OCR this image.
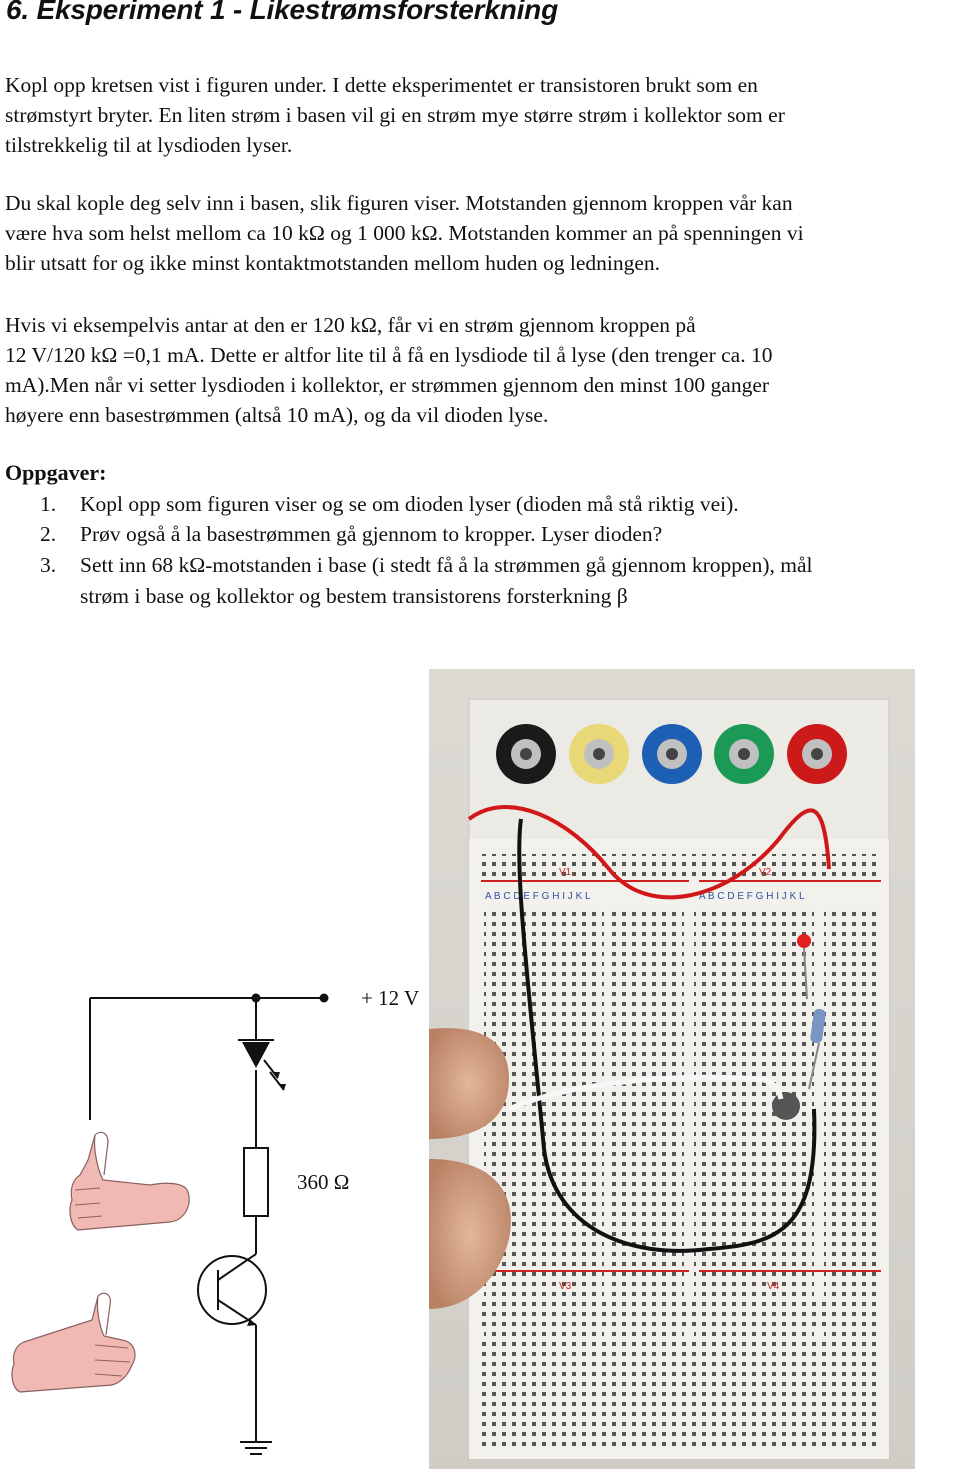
6. Eksperiment 1 - Likestrømsforsterkning
Kopl opp kretsen vist i figuren under. I dette eksperimentet er transistoren brukt som en
strømstyrt bryter. En liten strøm i basen vil gi en strøm mye større strøm i kollektor som er
tilstrekkelig til at lysdioden lyser.
Du skal kople deg selv inn i basen, slik figuren viser. Motstanden gjennom kroppen vår kan
være hva som helst mellom ca 10 kΩ og 1 000 kΩ. Motstanden kommer an på spenningen vi
blir utsatt for og ikke minst kontaktmotstanden mellom huden og ledningen.
Hvis vi eksempelvis antar at den er 120 kΩ, får vi en strøm gjennom kroppen på
12 V/120 kΩ =0,1 mA. Dette er altfor lite til å få en lysdiode til å lyse (den trenger ca. 10
mA).Men når vi setter lysdioden i kollektor, er strømmen gjennom den minst 100 ganger
høyere enn basestrømmen (altså 10 mA), og da vil dioden lyse.
Oppgaver:
1. Kopl opp som figuren viser og se om dioden lyser (dioden må stå riktig vei).
2. Prøv også å la basestrømmen gå gjennom to kropper. Lyser dioden?
3. Sett inn 68 kΩ-motstanden i base (i stedt få å la strømmen gå gjennom kroppen), mål
strøm i base og kollektor og bestem transistorens forsterkning β
A B C D E F G H I J K L	A B C D E F G H I J K L
V1	V2
V3	V4
+ 12 V
360 Ω
